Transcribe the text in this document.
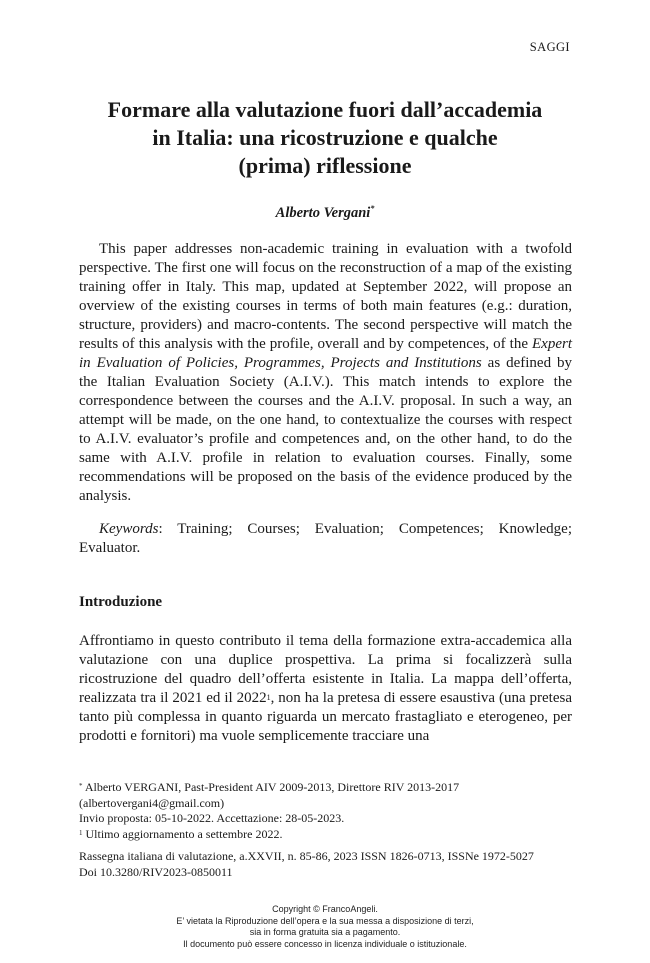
SAGGI
Formare alla valutazione fuori dall’accademia
in Italia: una ricostruzione e qualche
(prima) riflessione
Alberto Vergani*

This paper addresses non-academic training in evaluation with a twofold perspective. The first one will focus on the reconstruction of a map of the existing training offer in Italy. This map, updated at September 2022, will propose an overview of the existing courses in terms of both main features (e.g.: duration, structure, providers) and macro-contents. The second perspective will match the results of this analysis with the profile, overall and by competences, of the Expert in Evaluation of Policies, Programmes, Projects and Institutions as defined by the Italian Evaluation Society (A.I.V.). This match intends to explore the correspondence between the courses and the A.I.V. proposal. In such a way, an attempt will be made, on the one hand, to contextualize the courses with respect to A.I.V. evaluator’s profile and competences and, on the other hand, to do the same with A.I.V. profile in relation to evaluation courses. Finally, some recommendations will be proposed on the basis of the evidence produced by the analysis.

Keywords: Training; Courses; Evaluation; Competences; Knowledge; Evaluator.

Introduzione

Affrontiamo in questo contributo il tema della formazione extra-accademica alla valutazione con una duplice prospettiva. La prima si focalizzerà sulla ricostruzione del quadro dell’offerta esistente in Italia. La mappa dell’offerta, realizzata tra il 2021 ed il 2022$^1$, non ha la pretesa di essere esaustiva (una pretesa tanto più complessa in quanto riguarda un mercato frastagliato e eterogeneo, per prodotti e fornitori) ma vuole semplicemente tracciare una

* Alberto VERGANI, Past-President AIV 2009-2013, Direttore RIV 2013-2017
(albertovergani4@gmail.com)
Invio proposta: 05-10-2022. Accettazione: 28-05-2023.
$^1$ Ultimo aggiornamento a settembre 2022.
Rassegna italiana di valutazione, a.XXVII, n. 85-86, 2023 ISSN 1826-0713, ISSNe 1972-5027
Doi 10.3280/RIV2023-0850011
Copyright © FrancoAngeli.
E’ vietata la Riproduzione dell’opera e la sua messa a disposizione di terzi,
sia in forma gratuita sia a pagamento.
Il documento può essere concesso in licenza individuale o istituzionale.
